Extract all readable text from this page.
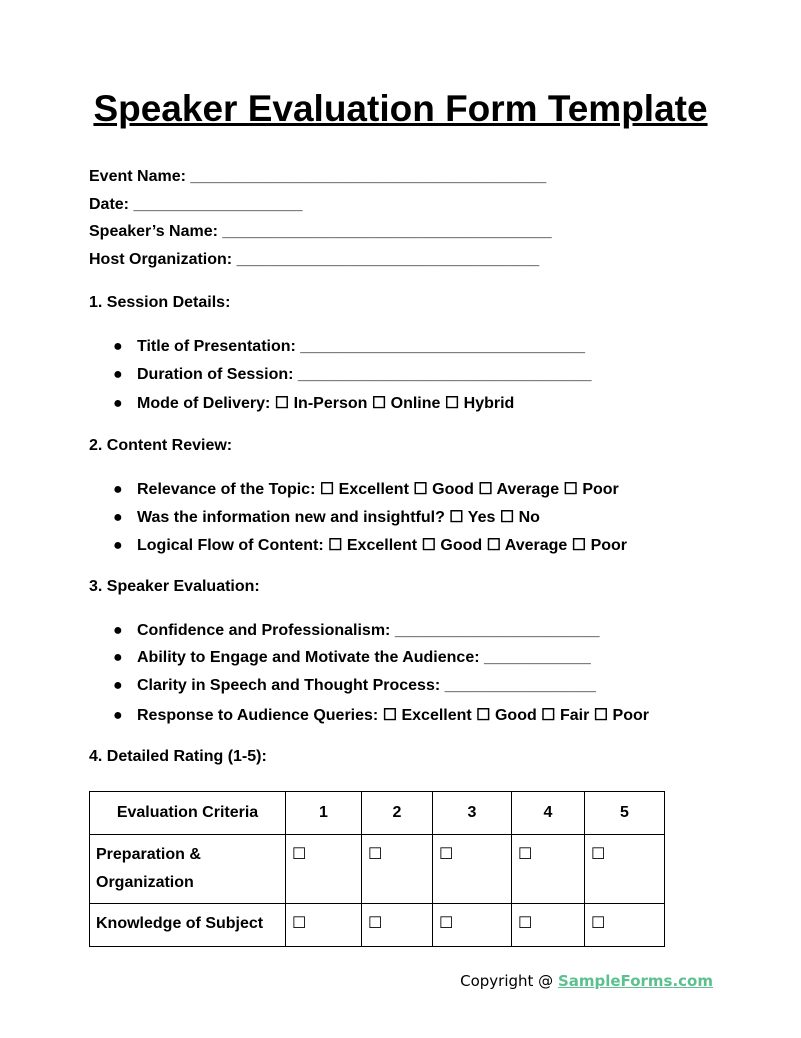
Speaker Evaluation Form Template
Event Name: ________________________________________
Date: ___________________
Speaker’s Name: _____________________________________
Host Organization: __________________________________
1. Session Details:
● Title of Presentation: ________________________________
● Duration of Session: _________________________________
● Mode of Delivery: ☐ In-Person ☐ Online ☐ Hybrid
2. Content Review:
● Relevance of the Topic: ☐ Excellent ☐ Good ☐ Average ☐ Poor
● Was the information new and insightful? ☐ Yes ☐ No
● Logical Flow of Content: ☐ Excellent ☐ Good ☐ Average ☐ Poor
3. Speaker Evaluation:
● Confidence and Professionalism: _______________________
● Ability to Engage and Motivate the Audience: ____________
● Clarity in Speech and Thought Process: _________________
● Response to Audience Queries: ☐ Excellent ☐ Good ☐ Fair ☐ Poor
4. Detailed Rating (1-5):
Evaluation Criteria	1	2	3	4	5
Preparation & Organization	☐	☐	☐	☐	☐
Knowledge of Subject	☐	☐	☐	☐	☐
Copyright @ SampleForms.com
